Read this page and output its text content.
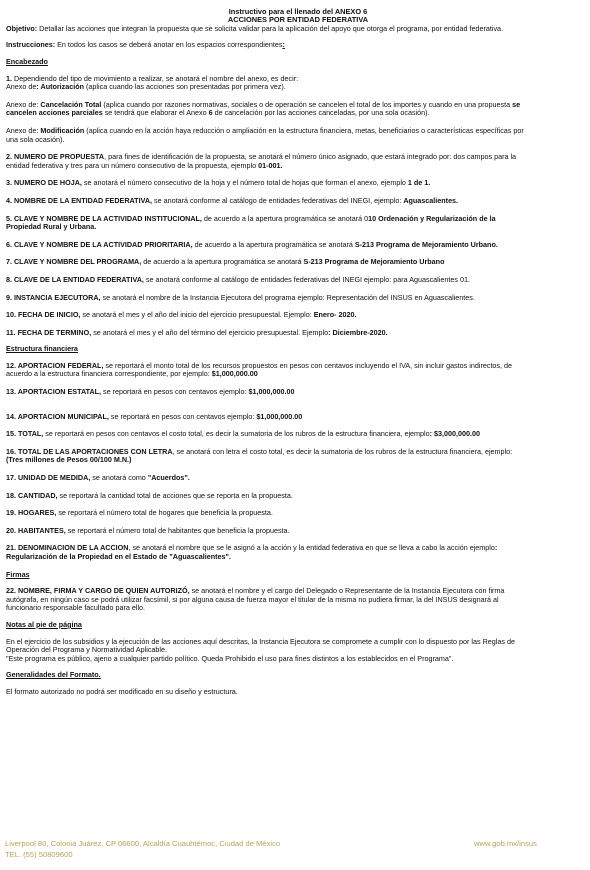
Instructivo para el llenado del ANEXO 6
ACCIONES POR ENTIDAD FEDERATIVA
Objetivo: Detallar las acciones que integran la propuesta que se solicita validar para la aplicación del apoyo que otorga el programa, por entidad federativa.
Instrucciones: En todos los casos se deberá anotar en los espacios correspondientes:
Encabezado
1. Dependiendo del tipo de movimiento a realizar, se anotará el nombre del anexo, es decir:
Anexo de: Autorización (aplica cuando las acciones son presentadas por primera vez).
Anexo de: Cancelación Total (aplica cuando por razones normativas, sociales o de operación se cancelen el total de los importes y cuando en una propuesta se
cancelen acciones parciales se tendrá que elaborar el Anexo 6 de cancelación por las acciones canceladas, por una sola ocasión).
Anexo de: Modificación (aplica cuando en la acción haya reducción o ampliación en la estructura financiera, metas, beneficiarios o características específicas por
una sola ocasión).
2. NUMERO DE PROPUESTA, para fines de identificación de la propuesta, se anotará el número único asignado, que estará integrado por: dos campos para la
entidad federativa y tres para un número consecutivo de la propuesta, ejemplo 01-001.
3. NUMERO DE HOJA, se anotará el número consecutivo de la hoja y el número total de hojas que forman el anexo, ejemplo 1 de 1.
4. NOMBRE DE LA ENTIDAD FEDERATIVA, se anotará conforme al catálogo de entidades federativas del INEGI, ejemplo: Aguascalientes.
5. CLAVE Y NOMBRE DE LA ACTIVIDAD INSTITUCIONAL, de acuerdo a la apertura programática se anotará 010 Ordenación y Regularización de la
Propiedad Rural y Urbana.
6. CLAVE Y NOMBRE DE LA ACTIVIDAD PRIORITARIA, de acuerdo a la apertura programática se anotará S-213 Programa de Mejoramiento Urbano.
7. CLAVE Y NOMBRE DEL PROGRAMA, de acuerdo a la apertura programática se anotará S-213 Programa de Mejoramiento Urbano
8. CLAVE DE LA ENTIDAD FEDERATIVA, se anotará conforme al catálogo de entidades federativas del INEGI ejemplo: para Aguascalientes 01.
9. INSTANCIA EJECUTORA, se anotará el nombre de la Instancia Ejecutora del programa ejemplo: Representación del INSUS en Aguascalientes.
10. FECHA DE INICIO, se anotará el mes y el año del inicio del ejercicio presupuestal. Ejemplo: Enero- 2020.
11. FECHA DE TERMINO, se anotará el mes y el año del término del ejercicio presupuestal. Ejemplo: Diciembre-2020.
Estructura financiera
12. APORTACION FEDERAL, se reportará el monto total de los recursos propuestos en pesos con centavos incluyendo el IVA, sin incluir gastos indirectos, de
acuerdo a la estructura financiera correspondiente, por ejemplo: $1,000,000.00
13. APORTACION ESTATAL, se reportará en pesos con centavos ejemplo: $1,000,000.00
14. APORTACION MUNICIPAL, se reportará en pesos con centavos ejemplo: $1,000,000.00
15. TOTAL, se reportará en pesos con centavos el costo total, es decir la sumatoria de los rubros de la estructura financiera, ejemplo: $3,000,000.00
16. TOTAL DE LAS APORTACIONES CON LETRA, se anotará con letra el costo total, es decir la sumatoria de los rubros de la estructura financiera, ejemplo:
(Tres millones de Pesos 00/100 M.N.)
17. UNIDAD DE MEDIDA, se anotará como "Acuerdos".
18. CANTIDAD, se reportará la cantidad total de acciones que se reporta en la propuesta.
19. HOGARES, se reportará el número total de hogares que beneficia la propuesta.
20. HABITANTES, se reportará el número total de habitantes que beneficia la propuesta.
21. DENOMINACION DE LA ACCION, se anotará el nombre que se le asignó a la acción y la entidad federativa en que se lleva a cabo la acción ejemplo:
Regularización de la Propiedad en el Estado de "Aguascalientes".
Firmas
22. NOMBRE, FIRMA Y CARGO DE QUIEN AUTORIZÓ, se anotará el nombre y el cargo del Delegado o Representante de la Instancia Ejecutora con firma
autógrafa, en ningún caso se podrá utilizar facsímil, si por alguna causa de fuerza mayor el titular de la misma no pudiera firmar, la del INSUS designará al
funcionario responsable facultado para ello.
Notas al pie de página
En el ejercicio de los subsidios y la ejecución de las acciones aquí descritas, la Instancia Ejecutora se compromete a cumplir con lo dispuesto por las Reglas de
Operación del Programa y Normatividad Aplicable.
"Este programa es público, ajeno a cualquier partido político. Queda Prohibido el uso para fines distintos a los establecidos en el Programa".
Generalidades del Formato.
El formato autorizado no podrá ser modificado en su diseño y estructura.
Liverpool 80, Colonia Juárez, CP 06600, Alcaldía Cuauhtémoc, Ciudad de México
TEL. (55) 50809600
www.gob.mx/insus
